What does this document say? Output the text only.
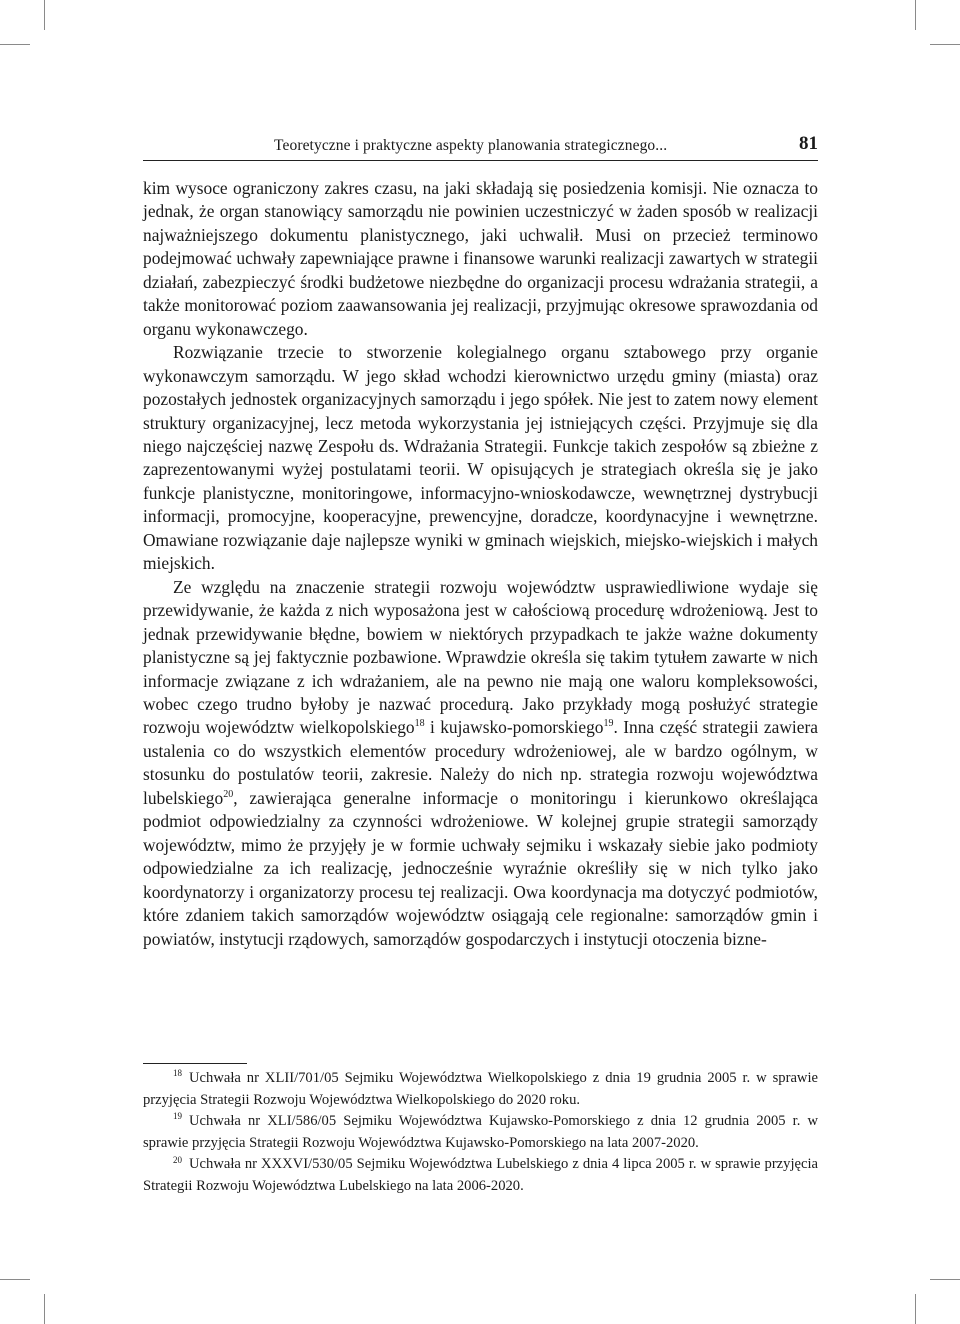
Teoretyczne i praktyczne aspekty planowania strategicznego...	81

kim wysoce ograniczony zakres czasu, na jaki składają się posiedzenia komisji. Nie oznacza to jednak, że organ stanowiący samorządu nie powinien uczestniczyć w żaden sposób w realizacji najważniejszego dokumentu planistycznego, jaki uchwalił. Musi on przecież terminowo podejmować uchwały zapewniające prawne i finansowe warunki realizacji zawartych w strategii działań, zabezpieczyć środki budżetowe niezbędne do organizacji procesu wdrażania strategii, a także monitorować poziom zaawansowania jej realizacji, przyjmując okresowe sprawozdania od organu wykonawczego.

Rozwiązanie trzecie to stworzenie kolegialnego organu sztabowego przy organie wykonawczym samorządu. W jego skład wchodzi kierownictwo urzędu gminy (miasta) oraz pozostałych jednostek organizacyjnych samorządu i jego spółek. Nie jest to zatem nowy element struktury organizacyjnej, lecz metoda wykorzystania jej istniejących części. Przyjmuje się dla niego najczęściej nazwę Zespołu ds. Wdrażania Strategii. Funkcje takich zespołów są zbieżne z zaprezentowanymi wyżej postulatami teorii. W opisujących je strategiach określa się je jako funkcje planistyczne, monitoringowe, informacyjno-wnioskodawcze, wewnętrznej dystrybucji informacji, promocyjne, kooperacyjne, prewencyjne, doradcze, koordynacyjne i wewnętrzne. Omawiane rozwiązanie daje najlepsze wyniki w gminach wiejskich, miejsko-wiejskich i małych miejskich.

Ze względu na znaczenie strategii rozwoju województw usprawiedliwione wydaje się przewidywanie, że każda z nich wyposażona jest w całościową procedurę wdrożeniową. Jest to jednak przewidywanie błędne, bowiem w niektórych przypadkach te jakże ważne dokumenty planistyczne są jej faktycznie pozbawione. Wprawdzie określa się takim tytułem zawarte w nich informacje związane z ich wdrażaniem, ale na pewno nie mają one waloru kompleksowości, wobec czego trudno byłoby je nazwać procedurą. Jako przykłady mogą posłużyć strategie rozwoju województw wielkopolskiego$^{18}$ i kujawsko-pomorskiego$^{19}$. Inna część strategii zawiera ustalenia co do wszystkich elementów procedury wdrożeniowej, ale w bardzo ogólnym, w stosunku do postulatów teorii, zakresie. Należy do nich np. strategia rozwoju województwa lubelskiego$^{20}$, zawierająca generalne informacje o monitoringu i kierunkowo określająca podmiot odpowiedzialny za czynności wdrożeniowe. W kolejnej grupie strategii samorządy województw, mimo że przyjęły je w formie uchwały sejmiku i wskazały siebie jako podmioty odpowiedzialne za ich realizację, jednocześnie wyraźnie określiły się w nich tylko jako koordynatorzy i organizatorzy procesu tej realizacji. Owa koordynacja ma dotyczyć podmiotów, które zdaniem takich samorządów województw osiągają cele regionalne: samorządów gmin i powiatów, instytucji rządowych, samorządów gospodarczych i instytucji otoczenia bizne-

$^{18}$ Uchwała nr XLII/701/05 Sejmiku Województwa Wielkopolskiego z dnia 19 grudnia 2005 r. w sprawie przyjęcia Strategii Rozwoju Województwa Wielkopolskiego do 2020 roku.

$^{19}$ Uchwała nr XLI/586/05 Sejmiku Województwa Kujawsko-Pomorskiego z dnia 12 grudnia 2005 r. w sprawie przyjęcia Strategii Rozwoju Województwa Kujawsko-Pomorskiego na lata 2007-2020.

$^{20}$ Uchwała nr XXXVI/530/05 Sejmiku Województwa Lubelskiego z dnia 4 lipca 2005 r. w sprawie przyjęcia Strategii Rozwoju Województwa Lubelskiego na lata 2006-2020.
